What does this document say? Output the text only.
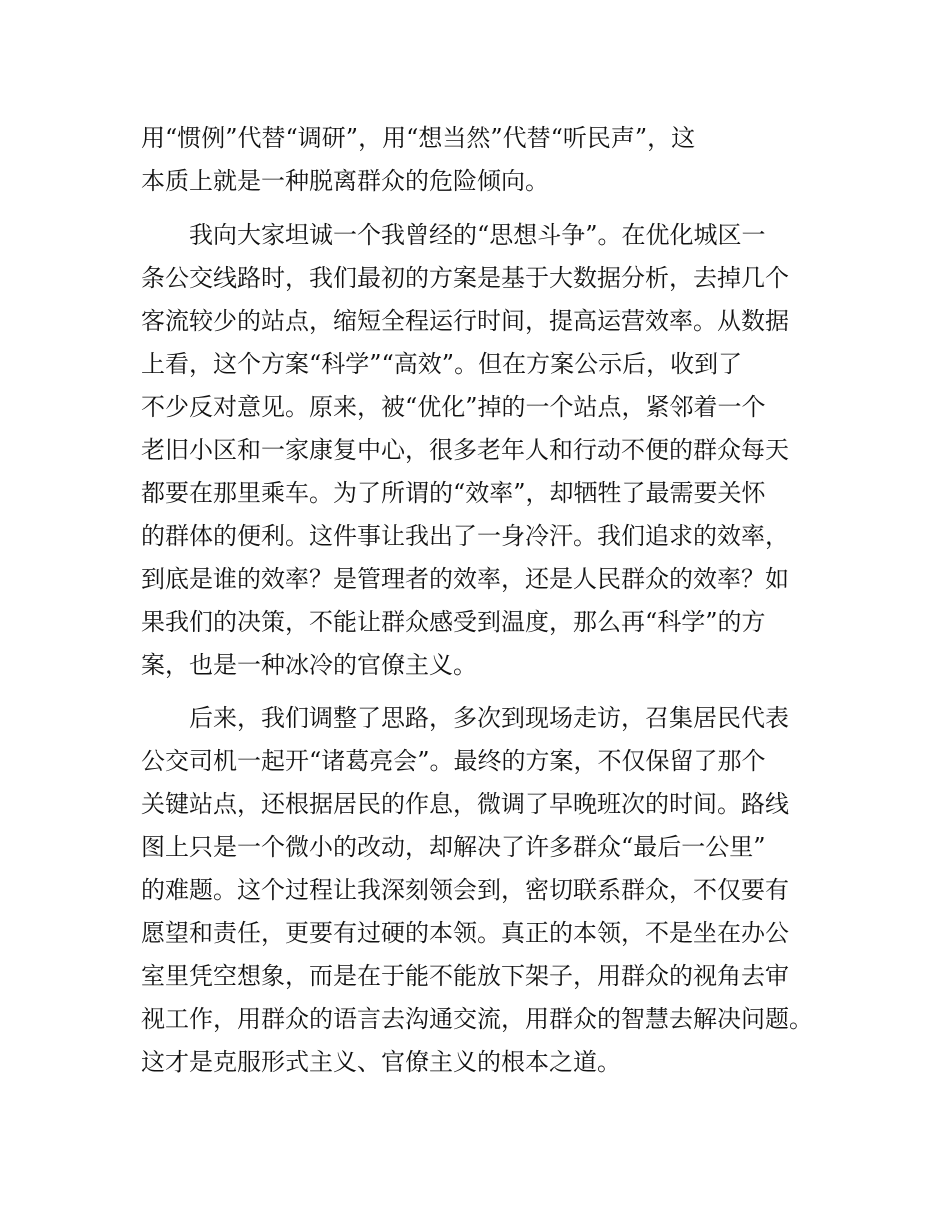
用“惯例”代替“调研”，用“想当然”代替“听民声”，这
本质上就是一种脱离群众的危险倾向。
我向大家坦诚一个我曾经的“思想斗争”。在优化城区一
条公交线路时，我们最初的方案是基于大数据分析，去掉几个
客流较少的站点，缩短全程运行时间，提高运营效率。从数据
上看，这个方案“科学”“高效”。但在方案公示后，收到了
不少反对意见。原来，被“优化”掉的一个站点，紧邻着一个
老旧小区和一家康复中心，很多老年人和行动不便的群众每天
都要在那里乘车。为了所谓的“效率”，却牺牲了最需要关怀
的群体的便利。这件事让我出了一身冷汗。我们追求的效率，
到底是谁的效率？是管理者的效率，还是人民群众的效率？如
果我们的决策，不能让群众感受到温度，那么再“科学”的方
案，也是一种冰冷的官僚主义。
后来，我们调整了思路，多次到现场走访，召集居民代表
公交司机一起开“诸葛亮会”。最终的方案，不仅保留了那个
关键站点，还根据居民的作息，微调了早晚班次的时间。路线
图上只是一个微小的改动，却解决了许多群众“最后一公里”
的难题。这个过程让我深刻领会到，密切联系群众，不仅要有
愿望和责任，更要有过硬的本领。真正的本领，不是坐在办公
室里凭空想象，而是在于能不能放下架子，用群众的视角去审
视工作，用群众的语言去沟通交流，用群众的智慧去解决问题。
这才是克服形式主义、官僚主义的根本之道。
